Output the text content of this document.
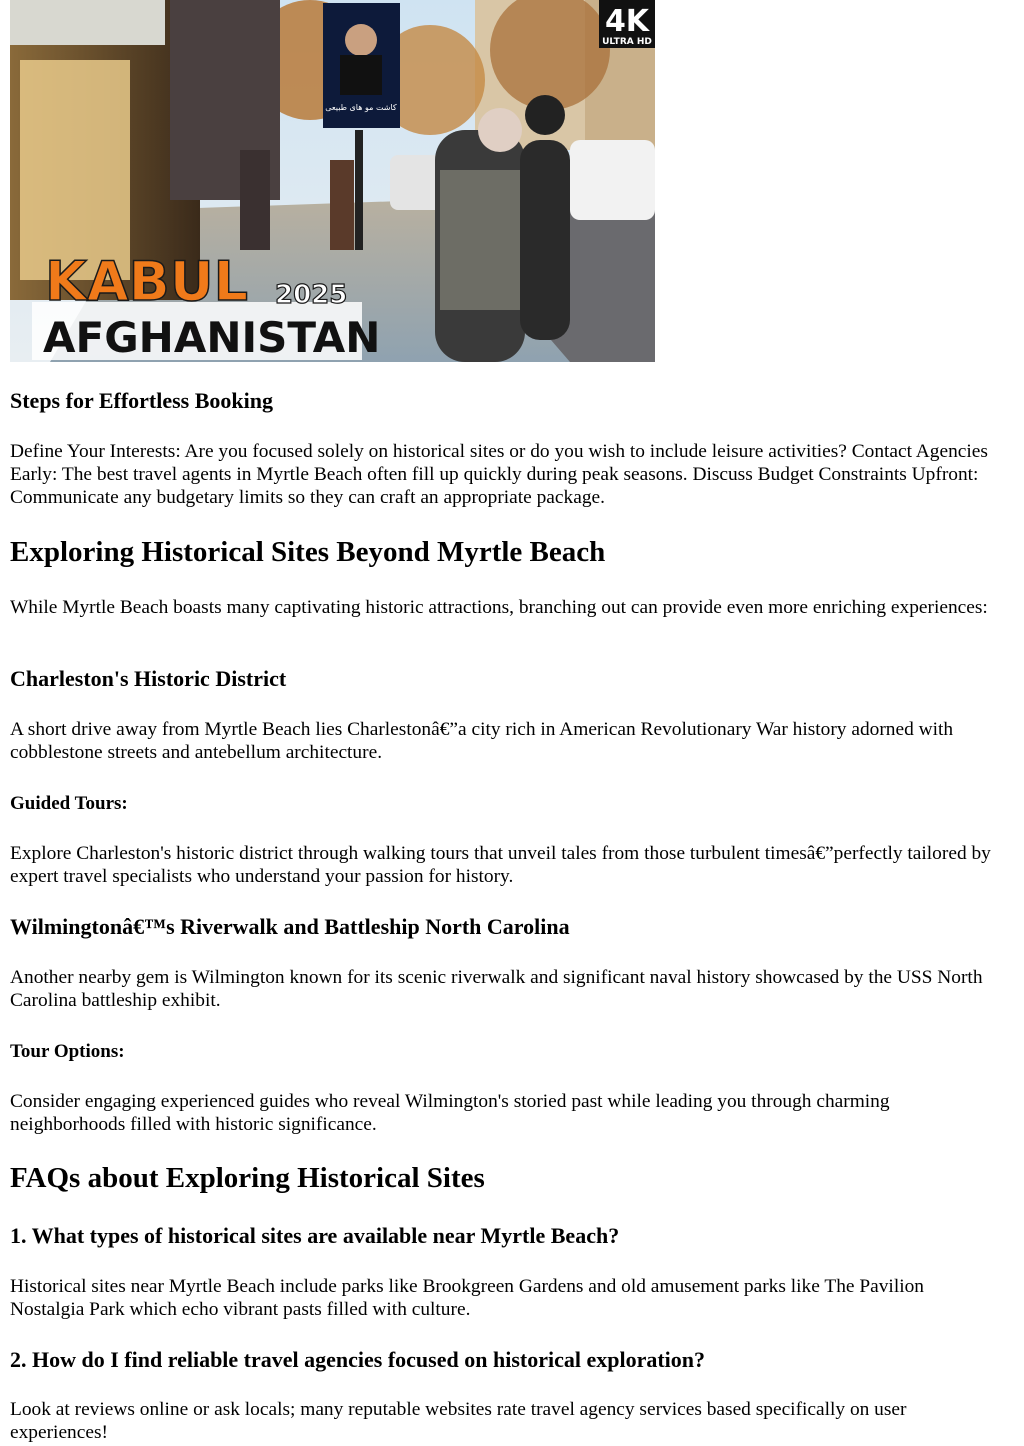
کاشت مو های طبیعی
4K
ULTRA HD
KABUL 2025
AFGHANISTAN
Steps for Effortless Booking

Define Your Interests: Are you focused solely on historical sites or do you wish to include leisure activities? Contact Agencies Early: The best travel agents in Myrtle Beach often fill up quickly during peak seasons. Discuss Budget Constraints Upfront: Communicate any budgetary limits so they can craft an appropriate package.

Exploring Historical Sites Beyond Myrtle Beach

While Myrtle Beach boasts many captivating historic attractions, branching out can provide even more enriching experiences:

Charleston's Historic District

A short drive away from Myrtle Beach lies Charlestonâ€”a city rich in American Revolutionary War history adorned with cobblestone streets and antebellum architecture.

Guided Tours:

Explore Charleston's historic district through walking tours that unveil tales from those turbulent timesâ€”perfectly tailored by expert travel specialists who understand your passion for history.

Wilmingtonâ€™s Riverwalk and Battleship North Carolina

Another nearby gem is Wilmington known for its scenic riverwalk and significant naval history showcased by the USS North Carolina battleship exhibit.

Tour Options:

Consider engaging experienced guides who reveal Wilmington's storied past while leading you through charming neighborhoods filled with historic significance.

FAQs about Exploring Historical Sites
1. What types of historical sites are available near Myrtle Beach?

Historical sites near Myrtle Beach include parks like Brookgreen Gardens and old amusement parks like The Pavilion Nostalgia Park which echo vibrant pasts filled with culture.

2. How do I find reliable travel agencies focused on historical exploration?

Look at reviews online or ask locals; many reputable websites rate travel agency services based specifically on user experiences!
